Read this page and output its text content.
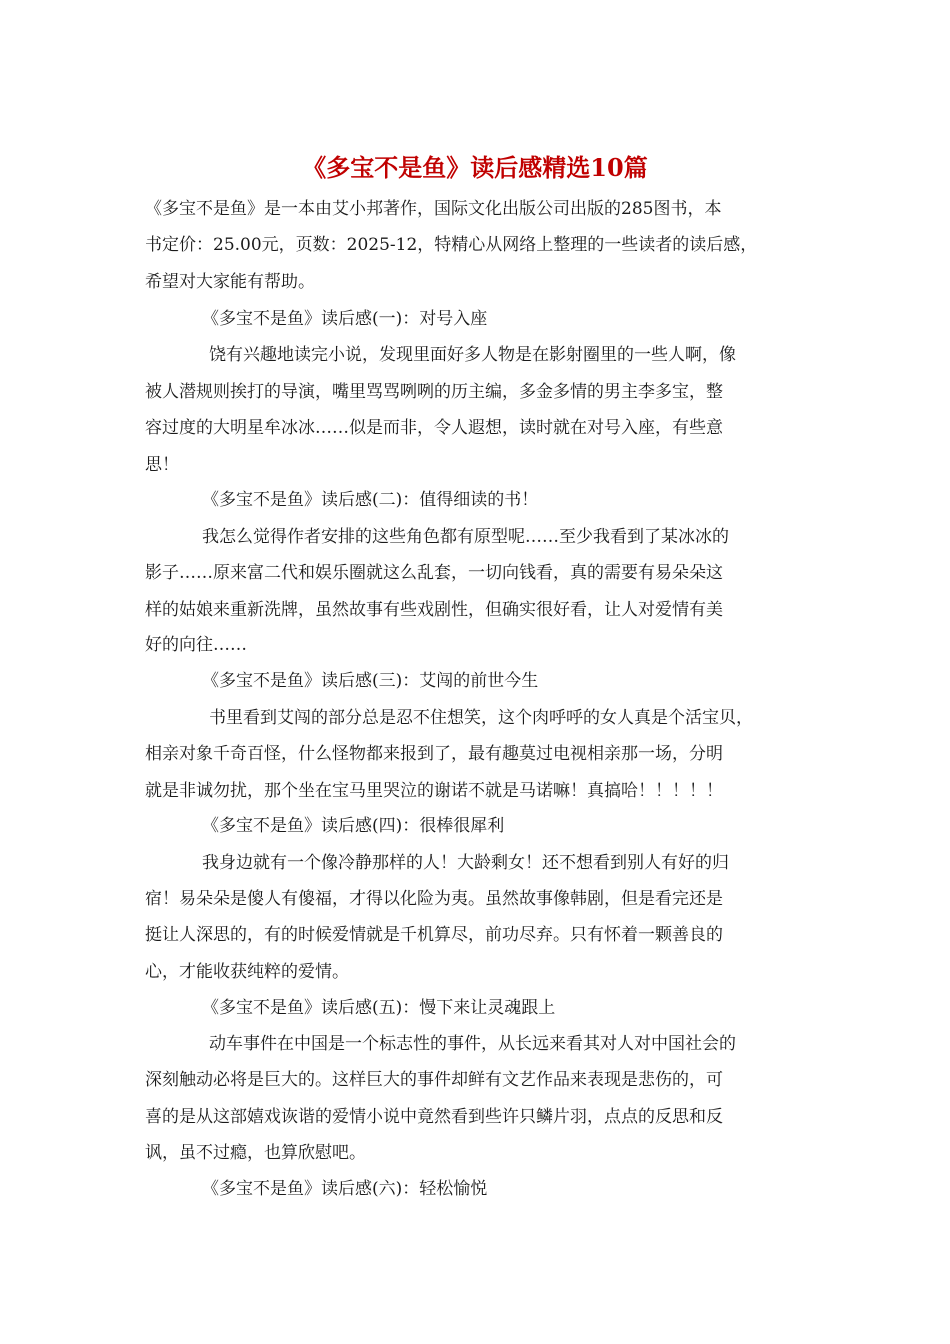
《多宝不是鱼》读后感精选10篇
《多宝不是鱼》是一本由艾小邦著作，国际文化出版公司出版的285图书，本
书定价：25.00元，页数：2025-12，特精心从网络上整理的一些读者的读后感，
希望对大家能有帮助。
《多宝不是鱼》读后感(一)：对号入座
饶有兴趣地读完小说，发现里面好多人物是在影射圈里的一些人啊，像
被人潜规则挨打的导演，嘴里骂骂咧咧的历主编，多金多情的男主李多宝，整
容过度的大明星牟冰冰……似是而非，令人遐想，读时就在对号入座，有些意
思！
《多宝不是鱼》读后感(二)：值得细读的书！
我怎么觉得作者安排的这些角色都有原型呢……至少我看到了某冰冰的
影子……原来富二代和娱乐圈就这么乱套，一切向钱看，真的需要有易朵朵这
样的姑娘来重新洗牌，虽然故事有些戏剧性，但确实很好看，让人对爱情有美
好的向往……
《多宝不是鱼》读后感(三)：艾闯的前世今生
书里看到艾闯的部分总是忍不住想笑，这个肉呼呼的女人真是个活宝贝，
相亲对象千奇百怪，什么怪物都来报到了，最有趣莫过电视相亲那一场，分明
就是非诚勿扰，那个坐在宝马里哭泣的谢诺不就是马诺嘛！真搞哈！！！！！
《多宝不是鱼》读后感(四)：很棒很犀利
我身边就有一个像冷静那样的人！大龄剩女！还不想看到别人有好的归
宿！易朵朵是傻人有傻福，才得以化险为夷。虽然故事像韩剧，但是看完还是
挺让人深思的，有的时候爱情就是千机算尽，前功尽弃。只有怀着一颗善良的
心，才能收获纯粹的爱情。
《多宝不是鱼》读后感(五)：慢下来让灵魂跟上
动车事件在中国是一个标志性的事件，从长远来看其对人对中国社会的
深刻触动必将是巨大的。这样巨大的事件却鲜有文艺作品来表现是悲伤的，可
喜的是从这部嬉戏诙谐的爱情小说中竟然看到些许只鳞片羽，点点的反思和反
讽，虽不过瘾，也算欣慰吧。
《多宝不是鱼》读后感(六)：轻松愉悦
